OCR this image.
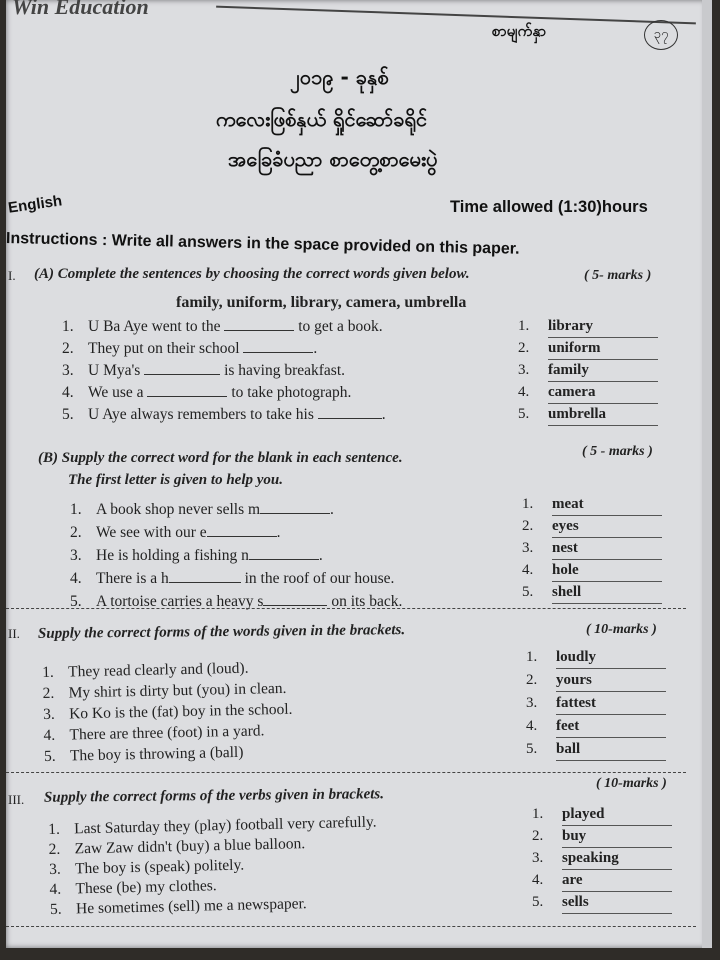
Win Education
စာမျက်နှာ	၃၇
၂၀၁၉ - ခုနှစ်
ကလေးဖြစ်နှယ် ရှိုင်ဆော်ခရိုင်
အခြေခံပညာ စာတွေ့စာမေးပွဲ
English	Time allowed (1:30)hours
Instructions : Write all answers in the space provided on this paper.
I. (A) Complete the sentences by choosing the correct words given below.	( 5- marks )
family, uniform, library, camera, umbrella
1. U Ba Aye went to the	to get a book.
2. They put on their school	.
3. U Mya's	is having breakfast.
4. We use a	to take photograph.
5. U Aye always remembers to take his	.
1. library
2. uniform
3. family
4. camera
5. umbrella
(B) Supply the correct word for the blank in each sentence.
The first letter is given to help you.
( 5 - marks )
1. A book shop never sells m	.
2. We see with our e	.
3. He is holding a fishing n	.
4. There is a h	in the roof of our house.
5. A tortoise carries a heavy s	on its back.
1. meat
2. eyes
3. nest
4. hole
5. shell
II. Supply the correct forms of the words given in the brackets.	( 10-marks )
1. They read clearly and (loud).
2. My shirt is dirty but (you) in clean.
3. Ko Ko is the (fat) boy in the school.
4. There are three (foot) in a yard.
5. The boy is throwing a (ball)
1. loudly
2. yours
3. fattest
4. feet
5. ball
III. Supply the correct forms of the verbs given in brackets.
( 10-marks )
1. Last Saturday they (play) football very carefully.
2. Zaw Zaw didn't (buy) a blue balloon.
3. The boy is (speak) politely.
4. These (be) my clothes.
5. He sometimes (sell) me a newspaper.
1. played
2. buy
3. speaking
4. are
5. sells
